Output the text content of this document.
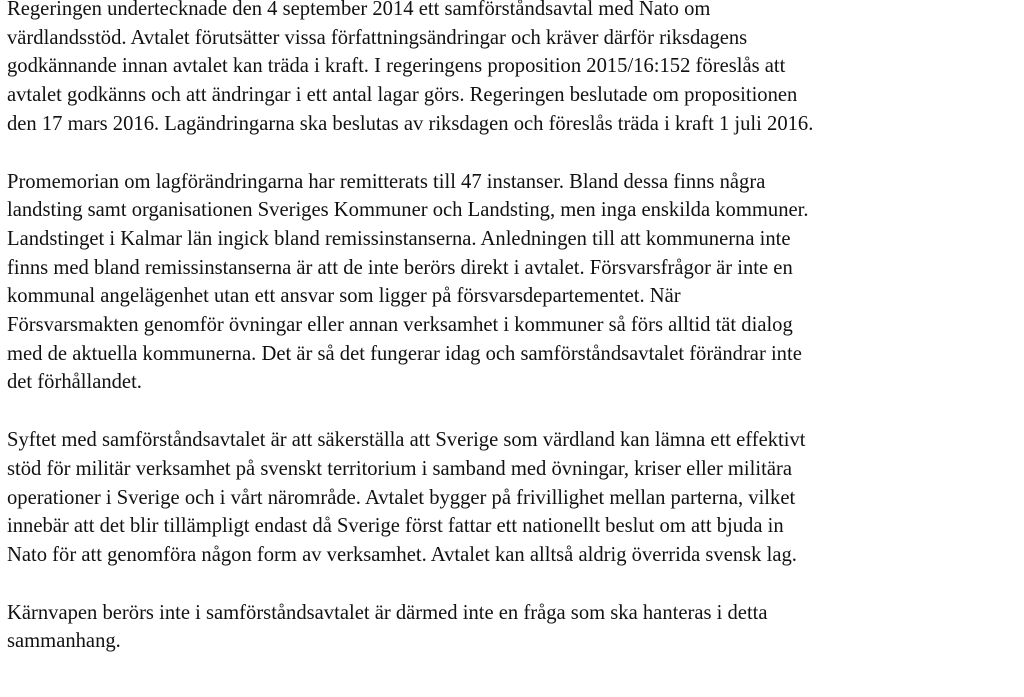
Regeringen undertecknade den 4 september 2014 ett samförståndsavtal med Nato om
värdlandsstöd. Avtalet förutsätter vissa författningsändringar och kräver därför riksdagens
godkännande innan avtalet kan träda i kraft. I regeringens proposition 2015/16:152 föreslås att
avtalet godkänns och att ändringar i ett antal lagar görs. Regeringen beslutade om propositionen
den 17 mars 2016. Lagändringarna ska beslutas av riksdagen och föreslås träda i kraft 1 juli 2016.

Promemorian om lagförändringarna har remitterats till 47 instanser. Bland dessa finns några
landsting samt organisationen Sveriges Kommuner och Landsting, men inga enskilda kommuner.
Landstinget i Kalmar län ingick bland remissinstanserna. Anledningen till att kommunerna inte
finns med bland remissinstanserna är att de inte berörs direkt i avtalet. Försvarsfrågor är inte en
kommunal angelägenhet utan ett ansvar som ligger på försvarsdepartementet. När
Försvarsmakten genomför övningar eller annan verksamhet i kommuner så förs alltid tät dialog
med de aktuella kommunerna. Det är så det fungerar idag och samförståndsavtalet förändrar inte
det förhållandet.

Syftet med samförståndsavtalet är att säkerställa att Sverige som värdland kan lämna ett effektivt
stöd för militär verksamhet på svenskt territorium i samband med övningar, kriser eller militära
operationer i Sverige och i vårt närområde. Avtalet bygger på frivillighet mellan parterna, vilket
innebär att det blir tillämpligt endast då Sverige först fattar ett nationellt beslut om att bjuda in
Nato för att genomföra någon form av verksamhet. Avtalet kan alltså aldrig överrida svensk lag.

Kärnvapen berörs inte i samförståndsavtalet är därmed inte en fråga som ska hanteras i detta
sammanhang.
